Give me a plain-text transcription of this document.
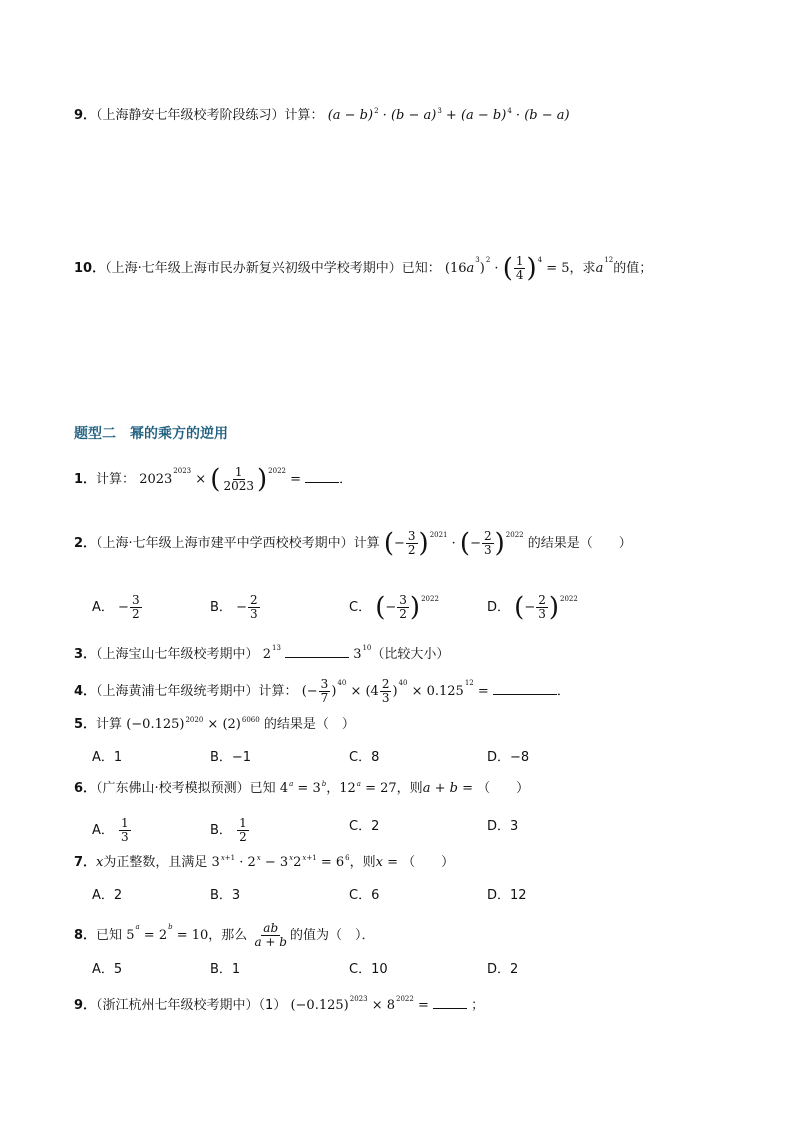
9．（上海静安七年级校考阶段练习）计算： $(a - b)^2 \cdot (b - a)^3 + (a - b)^4 \cdot (b - a)$
10．（上海·七年级上海市民办新复兴初级中学校考期中）已知： $(16a^3)^2$ · ( $\frac{1}{4} )^4 = 5$，求$a^{12}$的值；
题型二　幂的乘方的逆用
1．计算： $2023^{2023}$ × ( $\frac{1}{2023} )^{2022}$ =	．
2．（上海·七年级上海市建平中学西校校考期中）计算 (− $\frac{3}{2} )^{2021}$ · (− $\frac{2}{3} )^{2022}$ 的结果是（　　）
A． − $\frac{3}{2}$	B． − $\frac{2}{3}$	C． (− $\frac{3}{2} )^{2022}$
D． (− $\frac{2}{3} )^{2022}$
3．（上海宝山七年级校考期中） $2^{13}$	$3^{10}$（比较大小）
4．（上海黄浦七年级统考期中）计算： (− $\frac{3}{7} )^{40} \times (4 \frac{2}{3} )^{40} \times 0.125^{12}$ =	．
5．计算 $(-0.125)^{2020} \times (2)^{6060}$ 的结果是（　）
A．1	B．−1	C．8	D．−8
6．（广东佛山·校考模拟预测）已知 $4^a = 3^b$，$12^a = 27$，则a + b = （　　）
A． $\frac{1}{3}$	B． $\frac{1}{2}$	C．2	D．3
7．x为正整数，且满足 $3^{x+1} \cdot 2^x - 3^x2^{x+1} = 6^6$，则x = （　　）
A．2	B．3	C．6	D．12
8．已知 $5^a = 2^b = 10$，那么 $\frac{ab}{a + b}$ 的值为（　）．
A．5	B．1	C．10	D．2
9．（浙江杭州七年级校考期中）（1） $(-0.125)^{2023} \times 8^{2022}$ =	；
